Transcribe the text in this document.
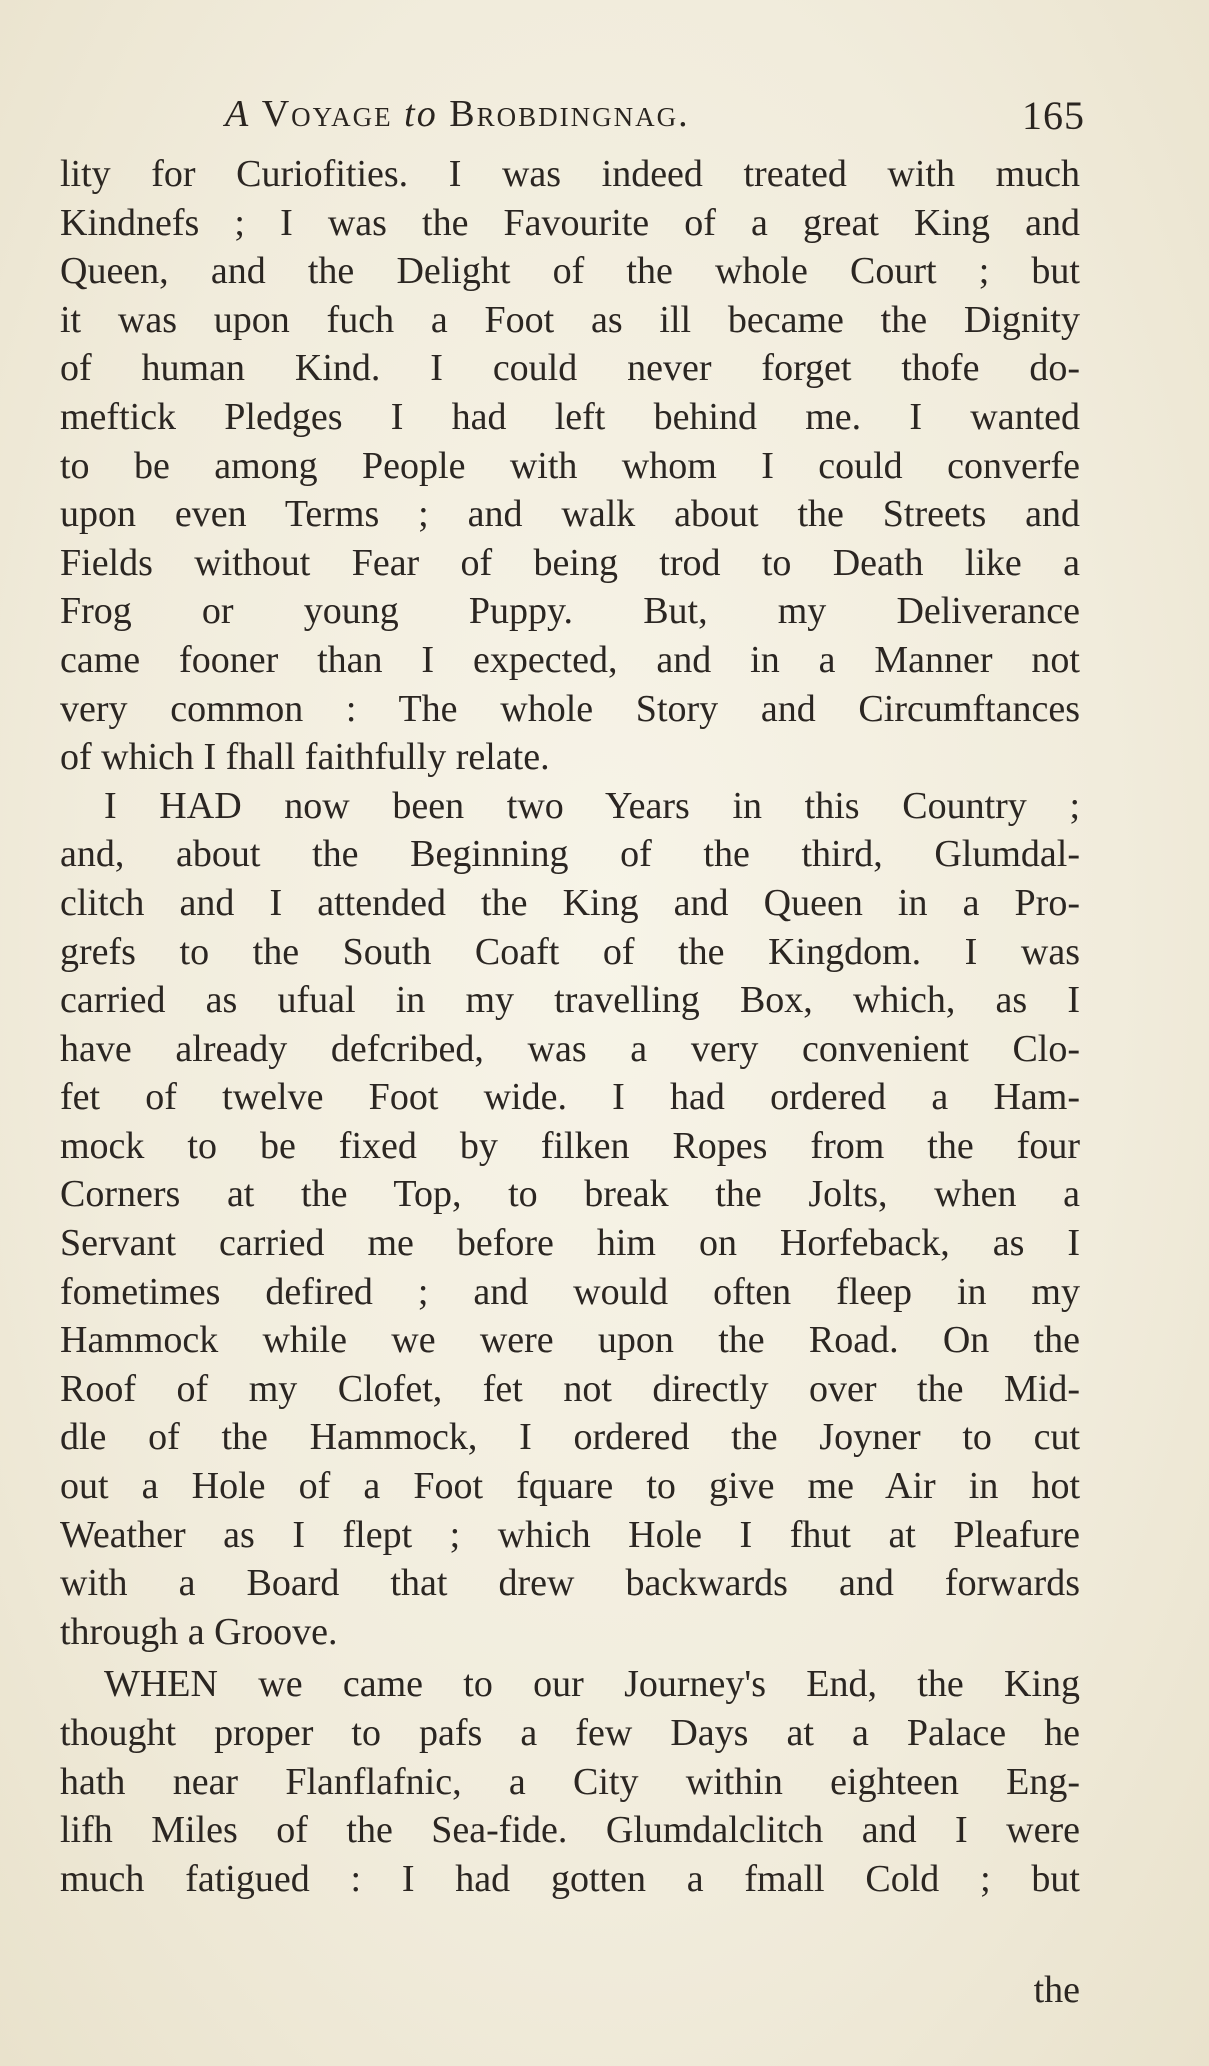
A Voyage to Brobdingnag.	165
lity for Curiofities. I was indeed treated with much
Kindnefs ; I was the Favourite of a great King and
Queen, and the Delight of the whole Court ; but
it was upon fuch a Foot as ill became the Dignity
of human Kind. I could never forget thofe do-
meftick Pledges I had left behind me. I wanted
to be among People with whom I could converfe
upon even Terms ; and walk about the Streets and
Fields without Fear of being trod to Death like a
Frog or young Puppy. But, my Deliverance
came fooner than I expected, and in a Manner not
very common : The whole Story and Circumftances
of which I fhall faithfully relate.
I HAD now been two Years in this Country ;
and, about the Beginning of the third, Glumdal-
clitch and I attended the King and Queen in a Pro-
grefs to the South Coaft of the Kingdom. I was
carried as ufual in my travelling Box, which, as I
have already defcribed, was a very convenient Clo-
fet of twelve Foot wide. I had ordered a Ham-
mock to be fixed by filken Ropes from the four
Corners at the Top, to break the Jolts, when a
Servant carried me before him on Horfeback, as I
fometimes defired ; and would often fleep in my
Hammock while we were upon the Road. On the
Roof of my Clofet, fet not directly over the Mid-
dle of the Hammock, I ordered the Joyner to cut
out a Hole of a Foot fquare to give me Air in hot
Weather as I flept ; which Hole I fhut at Pleafure
with a Board that drew backwards and forwards
through a Groove.
WHEN we came to our Journey's End, the King
thought proper to pafs a few Days at a Palace he
hath near Flanflafnic, a City within eighteen Eng-
lifh Miles of the Sea-fide. Glumdalclitch and I were
much fatigued : I had gotten a fmall Cold ; but
the
